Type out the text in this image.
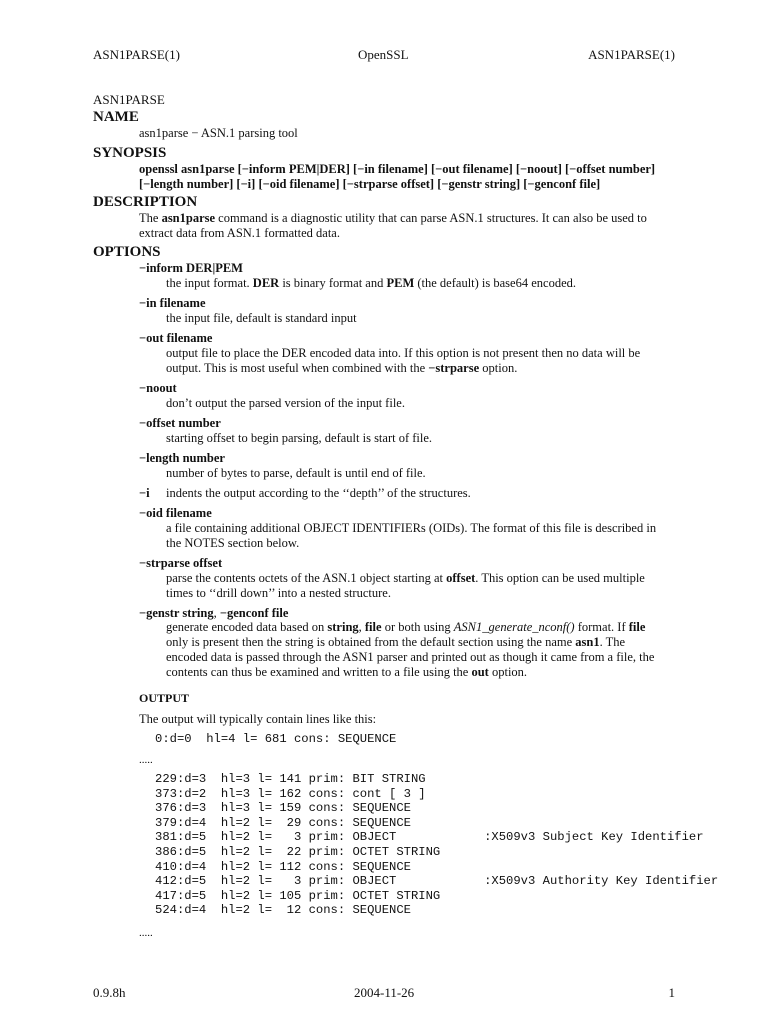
ASN1PARSE(1)	OpenSSL	ASN1PARSE(1)
ASN1PARSE
NAME
asn1parse − ASN.1 parsing tool
SYNOPSIS
openssl asn1parse [−inform PEM|DER] [−in filename] [−out filename] [−noout] [−offset number]
[−length number] [−i] [−oid filename] [−strparse offset] [−genstr string] [−genconf file]
DESCRIPTION
The asn1parse command is a diagnostic utility that can parse ASN.1 structures. It can also be used to
extract data from ASN.1 formatted data.
OPTIONS
−inform DER|PEM
the input format. DER is binary format and PEM (the default) is base64 encoded.
−in filename
the input file, default is standard input
−out filename
output file to place the DER encoded data into. If this option is not present then no data will be
output. This is most useful when combined with the −strparse option.
−noout
don’t output the parsed version of the input file.
−offset number
starting offset to begin parsing, default is start of file.
−length number
number of bytes to parse, default is until end of file.
−i indents the output according to the ‘‘depth’’ of the structures.
−oid filename
a file containing additional OBJECT IDENTIFIERs (OIDs). The format of this file is described in
the NOTES section below.
−strparse offset
parse the contents octets of the ASN.1 object starting at offset. This option can be used multiple
times to ‘‘drill down’’ into a nested structure.
−genstr string, −genconf file
generate encoded data based on string, file or both using ASN1_generate_nconf() format. If file
only is present then the string is obtained from the default section using the name asn1. The
encoded data is passed through the ASN1 parser and printed out as though it came from a file, the
contents can thus be examined and written to a file using the out option.
OUTPUT
The output will typically contain lines like this:
0:d=0  hl=4 l= 681 cons: SEQUENCE
.....
229:d=3  hl=3 l= 141 prim: BIT STRING
373:d=2  hl=3 l= 162 cons: cont [ 3 ]
376:d=3  hl=3 l= 159 cons: SEQUENCE
379:d=4  hl=2 l=  29 cons: SEQUENCE
381:d=5  hl=2 l=   3 prim: OBJECT            :X509v3 Subject Key Identifier
386:d=5  hl=2 l=  22 prim: OCTET STRING
410:d=4  hl=2 l= 112 cons: SEQUENCE
412:d=5  hl=2 l=   3 prim: OBJECT            :X509v3 Authority Key Identifier
417:d=5  hl=2 l= 105 prim: OCTET STRING
524:d=4  hl=2 l=  12 cons: SEQUENCE
.....
0.9.8h	2004-11-26	1
